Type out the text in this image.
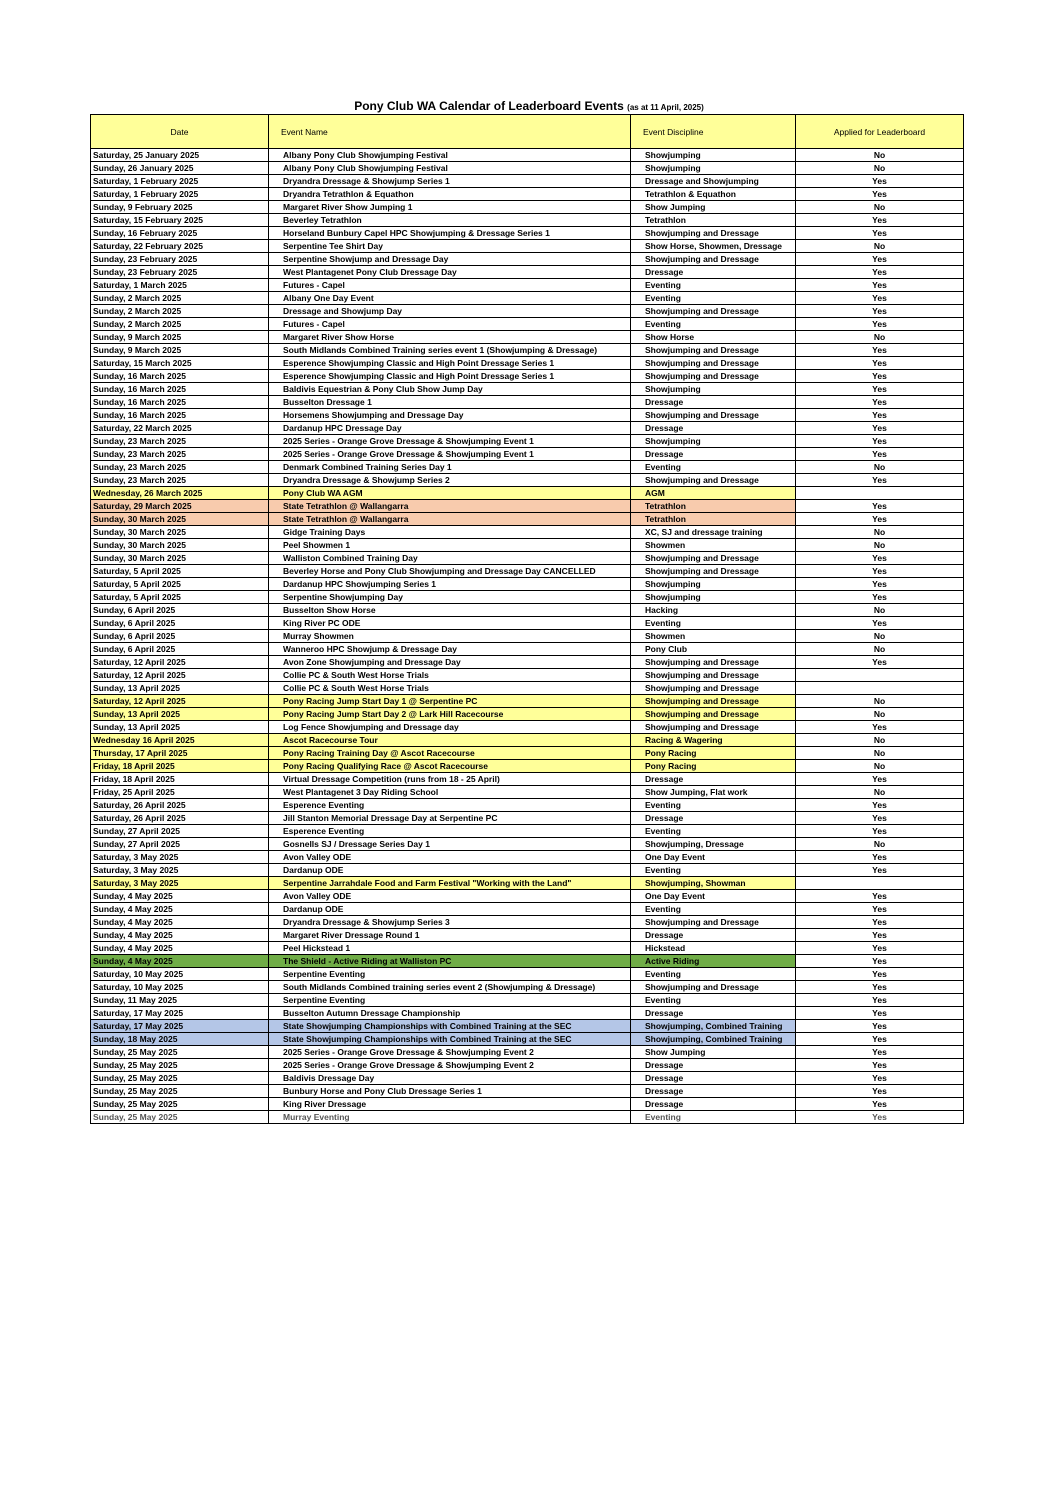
Pony Club WA Calendar of Leaderboard Events (as at 11 April, 2025)
Date	Event Name	Event Discipline	Applied for Leaderboard
Saturday, 25 January 2025	Albany Pony Club Showjumping Festival	Showjumping	No
Sunday, 26 January 2025	Albany Pony Club Showjumping Festival	Showjumping	No
Saturday, 1 February 2025	Dryandra Dressage & Showjump Series 1	Dressage and Showjumping	Yes
Saturday, 1 February 2025	Dryandra Tetrathlon & Equathon	Tetrathlon & Equathon	Yes
Sunday, 9 February 2025	Margaret River Show Jumping 1	Show Jumping	No
Saturday, 15 February 2025	Beverley Tetrathlon	Tetrathlon	Yes
Sunday, 16 February 2025	Horseland Bunbury Capel HPC Showjumping & Dressage Series 1	Showjumping and Dressage	Yes
Saturday, 22 February 2025	Serpentine Tee Shirt Day	Show Horse, Showmen, Dressage	No
Sunday, 23 February 2025	Serpentine Showjump and Dressage Day	Showjumping and Dressage	Yes
Sunday, 23 February 2025	West Plantagenet Pony Club Dressage Day	Dressage	Yes
Saturday, 1 March 2025	Futures - Capel	Eventing	Yes
Sunday, 2 March 2025	Albany One Day Event	Eventing	Yes
Sunday, 2 March 2025	Dressage and Showjump Day	Showjumping and Dressage	Yes
Sunday, 2 March 2025	Futures - Capel	Eventing	Yes
Sunday, 9 March 2025	Margaret River Show Horse	Show Horse	No
Sunday, 9 March 2025	South Midlands Combined Training series event 1 (Showjumping & Dressage)	Showjumping and Dressage	Yes
Saturday, 15 March 2025	Esperence Showjumping Classic and High Point Dressage Series 1	Showjumping and Dressage	Yes
Sunday, 16 March 2025	Esperence Showjumping Classic and High Point Dressage Series 1	Showjumping and Dressage	Yes
Sunday, 16 March 2025	Baldivis Equestrian & Pony Club Show Jump Day	Showjumping	Yes
Sunday, 16 March 2025	Busselton Dressage 1	Dressage	Yes
Sunday, 16 March 2025	Horsemens Showjumping and Dressage Day	Showjumping and Dressage	Yes
Saturday, 22 March 2025	Dardanup HPC Dressage Day	Dressage	Yes
Sunday, 23 March 2025	2025 Series - Orange Grove Dressage & Showjumping Event 1	Showjumping	Yes
Sunday, 23 March 2025	2025 Series - Orange Grove Dressage & Showjumping Event 1	Dressage	Yes
Sunday, 23 March 2025	Denmark Combined Training Series Day 1	Eventing	No
Sunday, 23 March 2025	Dryandra Dressage & Showjump Series 2	Showjumping and Dressage	Yes
Wednesday, 26 March 2025	Pony Club WA AGM	AGM	
Saturday, 29 March 2025	State Tetrathlon @ Wallangarra	Tetrathlon	Yes
Sunday, 30 March 2025	State Tetrathlon @ Wallangarra	Tetrathlon	Yes
Sunday, 30 March 2025	Gidge Training Days	XC, SJ and dressage training	No
Sunday, 30 March 2025	Peel Showmen 1	Showmen	No
Sunday, 30 March 2025	Walliston Combined Training Day	Showjumping and Dressage	Yes
Saturday, 5 April 2025	Beverley Horse and Pony Club Showjumping and Dressage Day CANCELLED	Showjumping and Dressage	Yes
Saturday, 5 April 2025	Dardanup HPC Showjumping Series 1	Showjumping	Yes
Saturday, 5 April 2025	Serpentine Showjumping Day	Showjumping	Yes
Sunday, 6 April 2025	Busselton Show Horse	Hacking	No
Sunday, 6 April 2025	King River PC ODE	Eventing	Yes
Sunday, 6 April 2025	Murray Showmen	Showmen	No
Sunday, 6 April 2025	Wanneroo HPC Showjump & Dressage Day	Pony Club	No
Saturday, 12 April 2025	Avon Zone Showjumping and Dressage Day	Showjumping and Dressage	Yes
Saturday, 12 April 2025	Collie PC & South West Horse Trials	Showjumping and Dressage	
Sunday, 13 April 2025	Collie PC & South West Horse Trials	Showjumping and Dressage	
Saturday, 12 April 2025	Pony Racing Jump Start Day 1 @ Serpentine PC	Showjumping and Dressage	No
Sunday, 13 April 2025	Pony Racing Jump Start Day 2 @ Lark Hill Racecourse	Showjumping and Dressage	No
Sunday, 13 April 2025	Log Fence Showjumping and Dressage day	Showjumping and Dressage	Yes
Wednesday 16 April 2025	Ascot Racecourse Tour	Racing & Wagering	No
Thursday, 17 April 2025	Pony Racing Training Day @ Ascot Racecourse	Pony Racing	No
Friday, 18 April 2025	Pony Racing Qualifying Race @ Ascot Racecourse	Pony Racing	No
Friday, 18 April 2025	Virtual Dressage Competition (runs from 18 - 25 April)	Dressage	Yes
Friday, 25 April 2025	West Plantagenet 3 Day Riding School	Show Jumping, Flat work	No
Saturday, 26 April 2025	Esperence Eventing	Eventing	Yes
Saturday, 26 April 2025	Jill Stanton Memorial Dressage Day at Serpentine PC	Dressage	Yes
Sunday, 27 April 2025	Esperence Eventing	Eventing	Yes
Sunday, 27 April 2025	Gosnells SJ / Dressage Series Day 1	Showjumping, Dressage	No
Saturday, 3 May 2025	Avon Valley ODE	One Day Event	Yes
Saturday, 3 May 2025	Dardanup ODE	Eventing	Yes
Saturday, 3 May 2025	Serpentine Jarrahdale Food and Farm Festival "Working with the Land"	Showjumping, Showman	
Sunday, 4 May 2025	Avon Valley ODE	One Day Event	Yes
Sunday, 4 May 2025	Dardanup ODE	Eventing	Yes
Sunday, 4 May 2025	Dryandra Dressage & Showjump Series 3	Showjumping and Dressage	Yes
Sunday, 4 May 2025	Margaret River Dressage Round 1	Dressage	Yes
Sunday, 4 May 2025	Peel Hickstead 1	Hickstead	Yes
Sunday, 4 May 2025	The Shield - Active Riding at Walliston PC	Active Riding	Yes
Saturday, 10 May 2025	Serpentine Eventing	Eventing	Yes
Saturday, 10 May 2025	South Midlands Combined training series event 2 (Showjumping & Dressage)	Showjumping and Dressage	Yes
Sunday, 11 May 2025	Serpentine Eventing	Eventing	Yes
Saturday, 17 May 2025	Busselton Autumn Dressage Championship	Dressage	Yes
Saturday, 17 May 2025	State Showjumping Championships with Combined Training at the SEC	Showjumping, Combined Training	Yes
Sunday, 18 May 2025	State Showjumping Championships with Combined Training at the SEC	Showjumping, Combined Training	Yes
Sunday, 25 May 2025	2025 Series - Orange Grove Dressage & Showjumping Event 2	Show Jumping	Yes
Sunday, 25 May 2025	2025 Series - Orange Grove Dressage & Showjumping Event 2	Dressage	Yes
Sunday, 25 May 2025	Baldivis Dressage Day	Dressage	Yes
Sunday, 25 May 2025	Bunbury Horse and Pony Club Dressage Series 1	Dressage	Yes
Sunday, 25 May 2025	King River Dressage	Dressage	Yes
Sunday, 25 May 2025	Murray Eventing	Eventing	Yes
